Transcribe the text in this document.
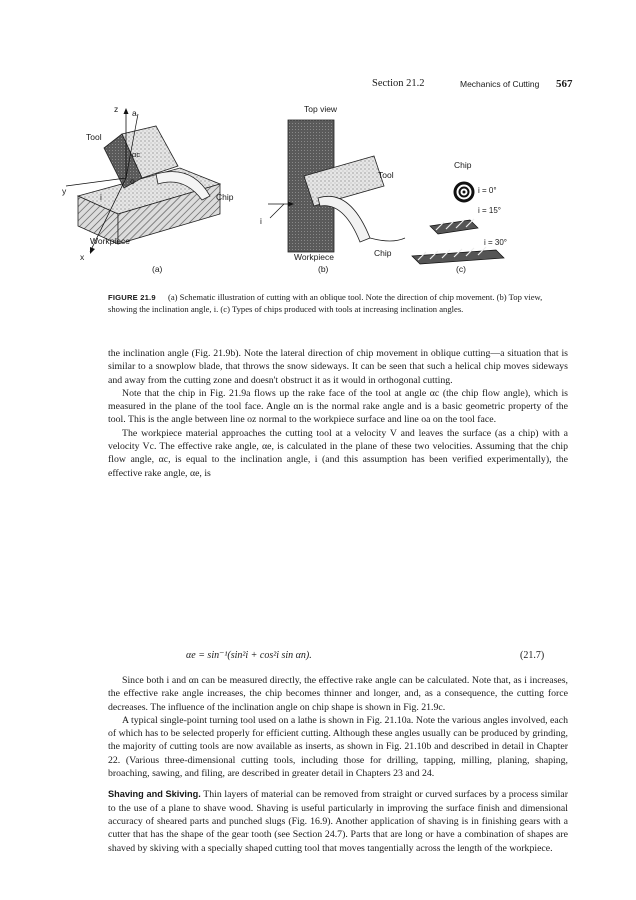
Section 21.2	Mechanics of Cutting 567
z a
Tool
αc
y
o
i	Chip
Workpiece
x
(a)
Top view
Tool
i
Workpiece	Chip
(b)
Chip
i = 0°
i = 15°
i = 30°
(c)
FIGURE 21.9	(a) Schematic illustration of cutting with an oblique tool. Note the direction of chip movement. (b) Top view, showing the inclination angle, i. (c) Types of chips produced with tools at increasing inclination angles.

the inclination angle (Fig. 21.9b). Note the lateral direction of chip movement in oblique cutting—a situation that is similar to a snowplow blade, that throws the snow sideways. It can be seen that such a helical chip moves sideways and away from the cutting zone and doesn't obstruct it as it would in orthogonal cutting.

Note that the chip in Fig. 21.9a flows up the rake face of the tool at angle αc (the chip flow angle), which is measured in the plane of the tool face. Angle αn is the normal rake angle and is a basic geometric property of the tool. This is the angle between line oz normal to the workpiece surface and line oa on the tool face.

The workpiece material approaches the cutting tool at a velocity V and leaves the surface (as a chip) with a velocity Vc. The effective rake angle, αe, is calculated in the plane of these two velocities. Assuming that the chip flow angle, αc, is equal to the inclination angle, i (and this assumption has been verified experimentally), the effective rake angle, αe, is

αe = sin⁻¹(sin²i + cos²i sin αn).	(21.7)

Since both i and αn can be measured directly, the effective rake angle can be calculated. Note that, as i increases, the effective rake angle increases, the chip becomes thinner and longer, and, as a consequence, the cutting force decreases. The influence of the inclination angle on chip shape is shown in Fig. 21.9c.

A typical single-point turning tool used on a lathe is shown in Fig. 21.10a. Note the various angles involved, each of which has to be selected properly for efficient cutting. Although these angles usually can be produced by grinding, the majority of cutting tools are now available as inserts, as shown in Fig. 21.10b and described in detail in Chapter 22. (Various three-dimensional cutting tools, including those for drilling, tapping, milling, planing, shaping, broaching, sawing, and filing, are described in greater detail in Chapters 23 and 24.

Shaving and Skiving. Thin layers of material can be removed from straight or curved surfaces by a process similar to the use of a plane to shave wood. Shaving is useful particularly in improving the surface finish and dimensional accuracy of sheared parts and punched slugs (Fig. 16.9). Another application of shaving is in finishing gears with a cutter that has the shape of the gear tooth (see Section 24.7). Parts that are long or have a combination of shapes are shaved by skiving with a specially shaped cutting tool that moves tangentially across the length of the workpiece.
